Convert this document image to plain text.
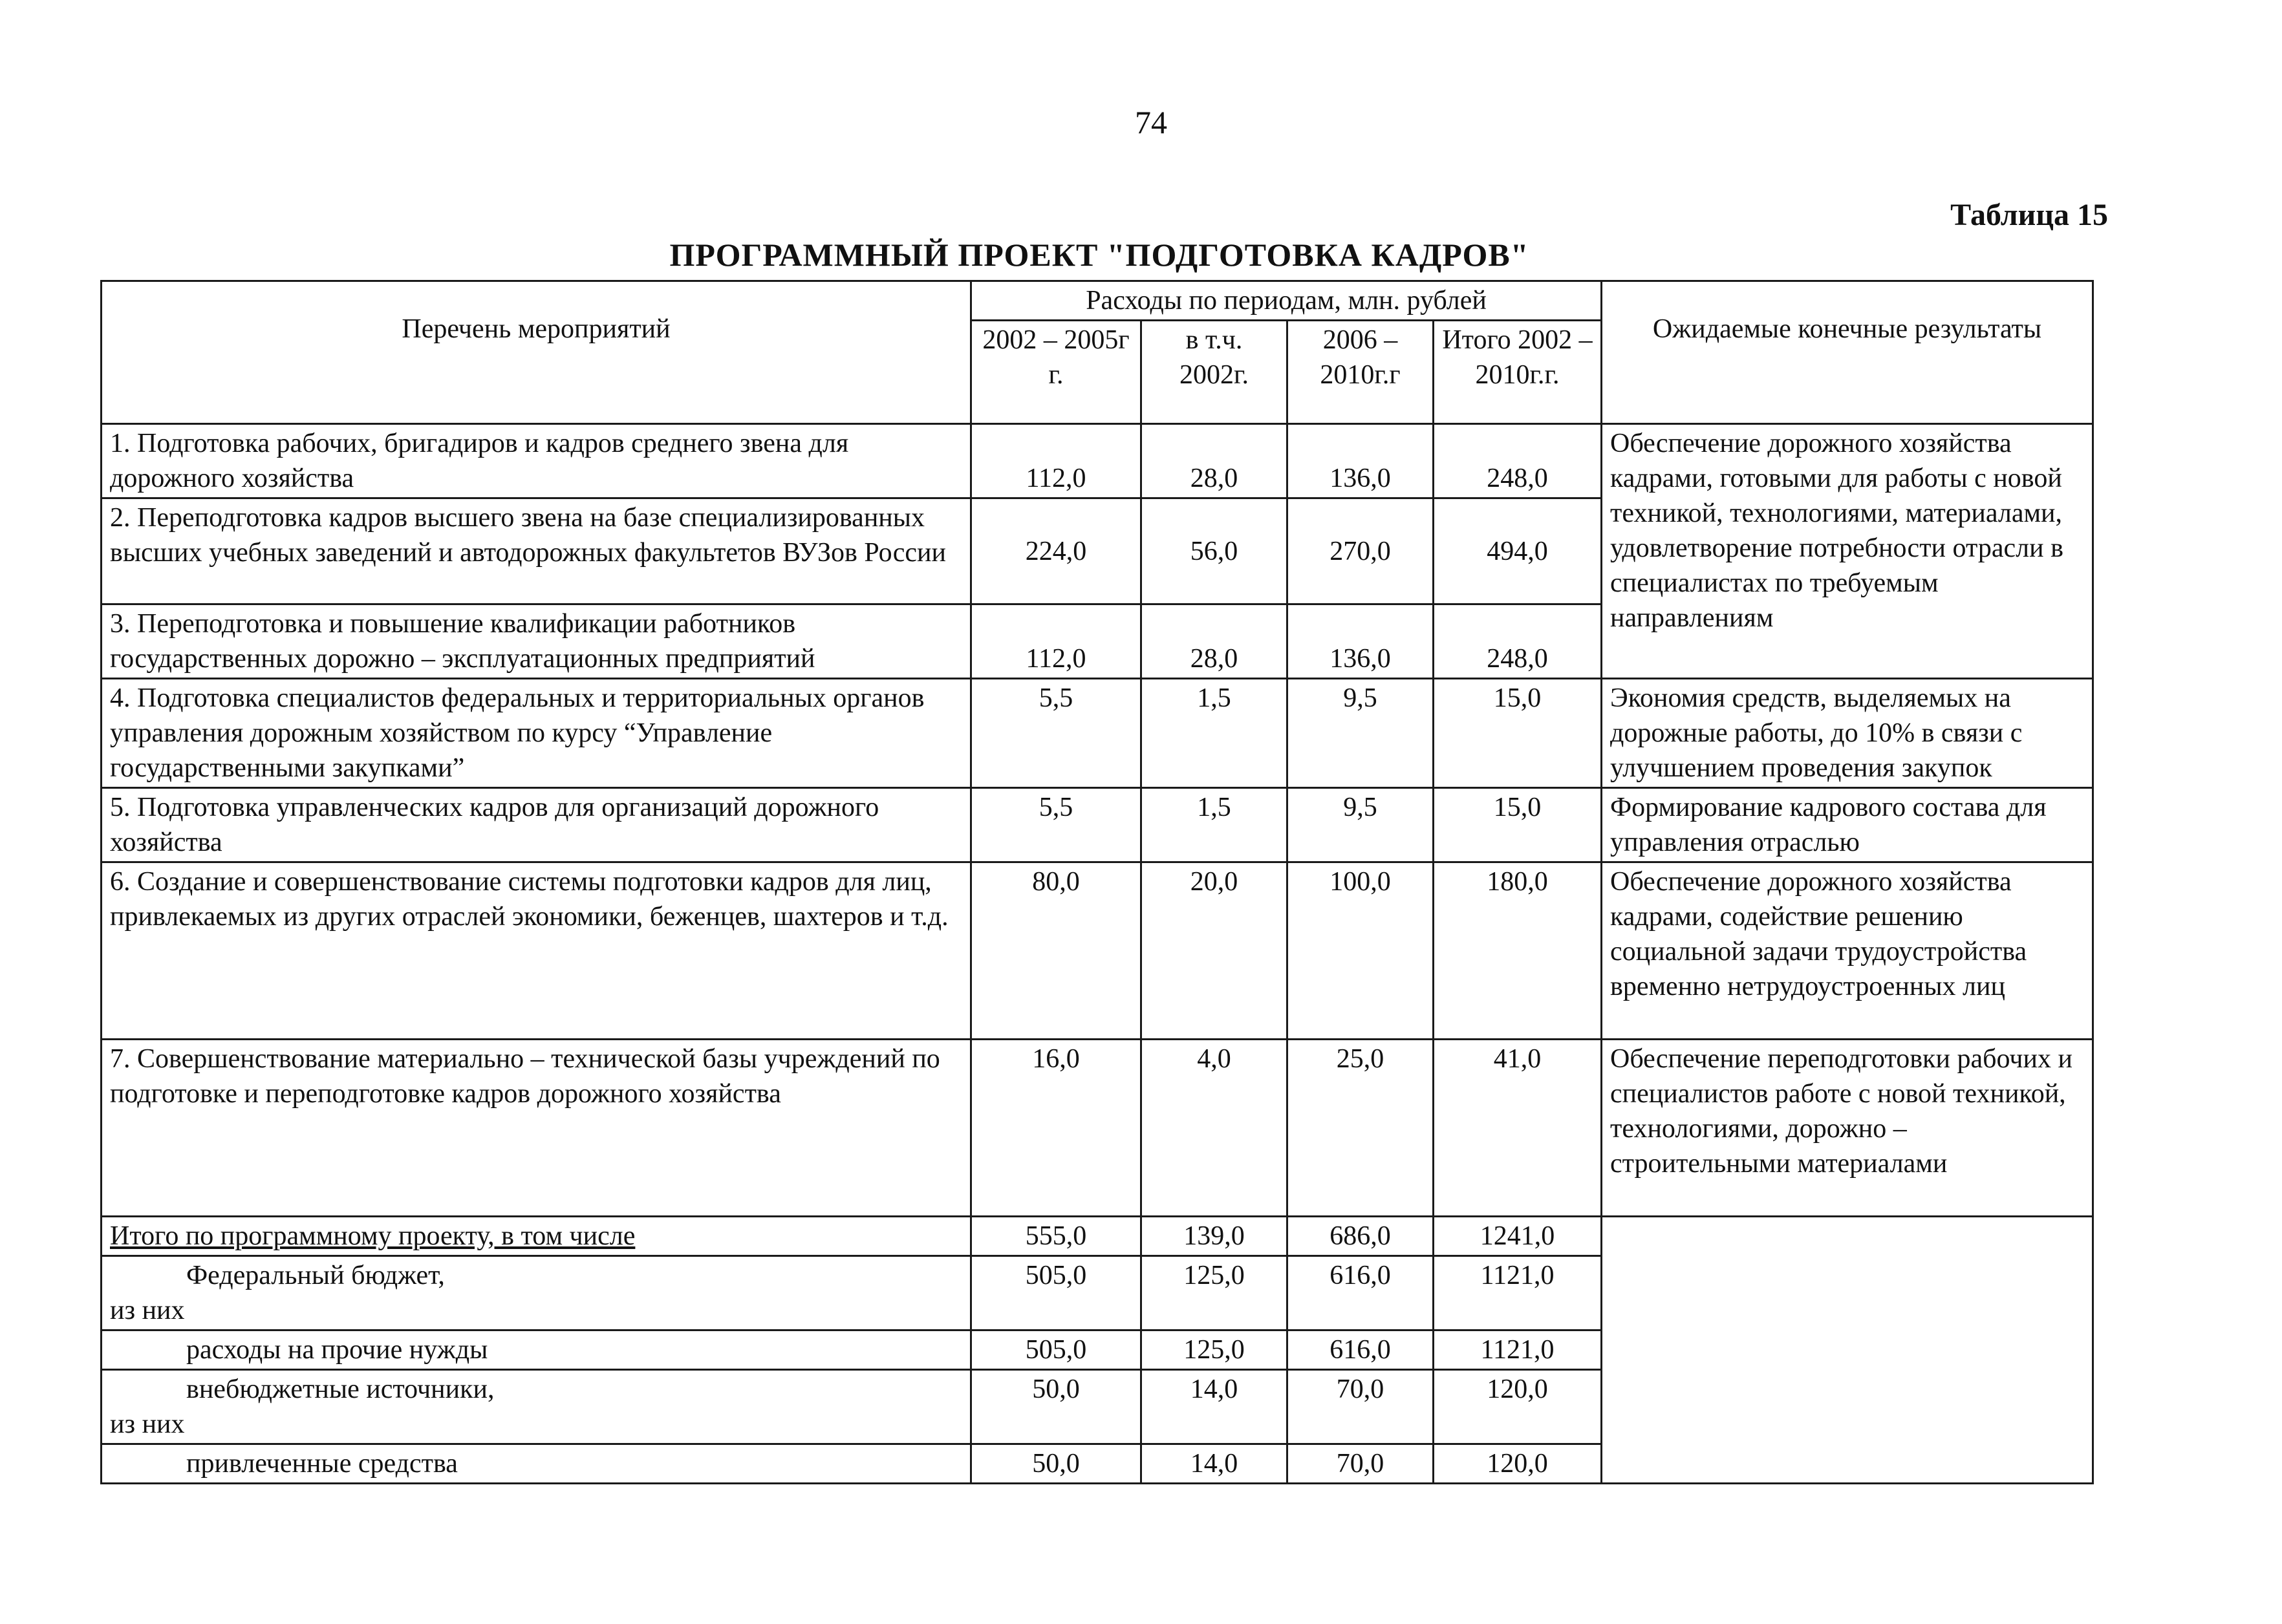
74
Таблица 15
ПРОГРАММНЫЙ ПРОЕКТ "ПОДГОТОВКА КАДРОВ"
Перечень мероприятий	Расходы по периодам, млн. рублей				Ожидаемые конечные результаты
	2002 – 2005г г.	в т.ч. 2002г.	2006 – 2010г.г	Итого 2002 – 2010г.г.	
1. Подготовка рабочих, бригадиров и кадров среднего звена для дорожного хозяйства	112,0	28,0	136,0	248,0	Обеспечение дорожного хозяйства кадрами, готовыми для работы с новой техникой, технологиями, материалами, удовлетворение потребности отрасли в специалистах по требуемым направлениям
2. Переподготовка кадров высшего звена на базе специализированных высших учебных заведений и автодорожных факультетов ВУЗов России	224,0	56,0	270,0	494,0	
3. Переподготовка и повышение квалификации работников государственных дорожно – эксплуатационных предприятий	112,0	28,0	136,0	248,0	
4. Подготовка специалистов федеральных и территориальных органов управления дорожным хозяйством по курсу “Управление государственными закупками”	5,5	1,5	9,5	15,0	Экономия средств, выделяемых на дорожные работы, до 10% в связи с улучшением проведения закупок
5. Подготовка управленческих кадров для организаций дорожного хозяйства	5,5	1,5	9,5	15,0	Формирование кадрового состава для управления отраслью
6. Создание и совершенствование системы подготовки кадров для лиц, привлекаемых из других отраслей экономики, беженцев, шахтеров и т.д.	80,0	20,0	100,0	180,0	Обеспечение дорожного хозяйства кадрами, содействие решению социальной задачи трудоустройства временно нетрудоустроенных лиц
7. Совершенствование материально – технической базы учреждений по подготовке и переподготовке кадров дорожного хозяйства	16,0	4,0	25,0	41,0	Обеспечение переподготовки рабочих и специалистов работе с новой техникой, технологиями, дорожно – строительными материалами
Итого по программному проекту, в том числе	555,0	139,0	686,0	1241,0	
Федеральный бюджет,
из них	505,0	125,0	616,0	1121,0	
расходы на прочие нужды	505,0	125,0	616,0	1121,0	
внебюджетные источники,
из них	50,0	14,0	70,0	120,0	
привлеченные средства	50,0	14,0	70,0	120,0	
